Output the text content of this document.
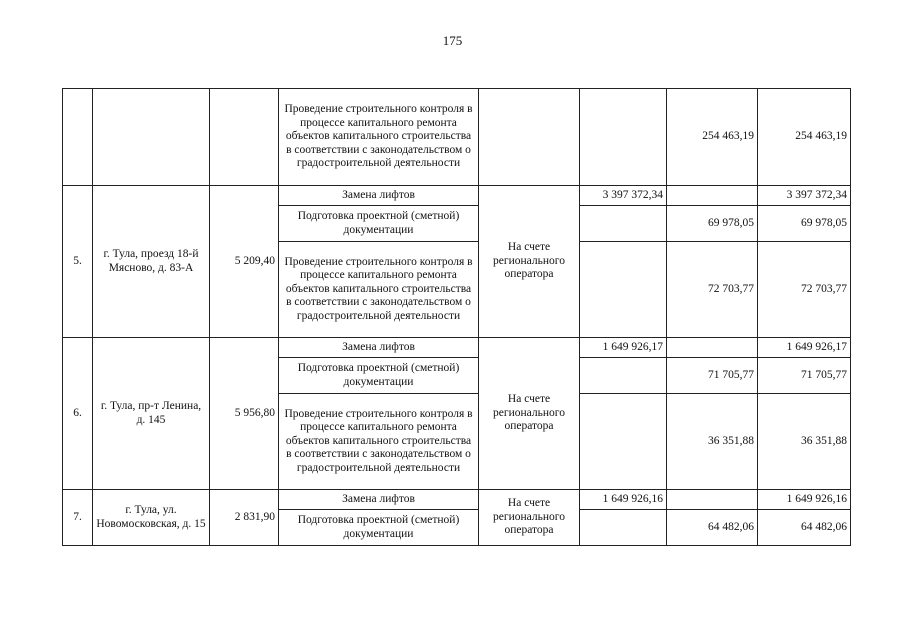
175
			Проведение строительного контроля в процессе капитального ремонта объектов капитального строительства в соответствии с законодательством о градостроительной деятельности			254 463,19	254 463,19
5.	г. Тула, проезд 18-й Мясново, д. 83-А	5 209,40	Замена лифтов	На счете регионального оператора	3 397 372,34		3 397 372,34
			Подготовка проектной (сметной) документации			69 978,05	69 978,05
			Проведение строительного контроля в процессе капитального ремонта объектов капитального строительства в соответствии с законодательством о градостроительной деятельности			72 703,77	72 703,77
6.	г. Тула, пр-т Ленина, д. 145	5 956,80	Замена лифтов	На счете регионального оператора	1 649 926,17		1 649 926,17
			Подготовка проектной (сметной) документации			71 705,77	71 705,77
			Проведение строительного контроля в процессе капитального ремонта объектов капитального строительства в соответствии с законодательством о градостроительной деятельности			36 351,88	36 351,88
7.	г. Тула, ул. Новомосковская, д. 15	2 831,90	Замена лифтов	На счете регионального оператора	1 649 926,16		1 649 926,16
			Подготовка проектной (сметной) документации			64 482,06	64 482,06
